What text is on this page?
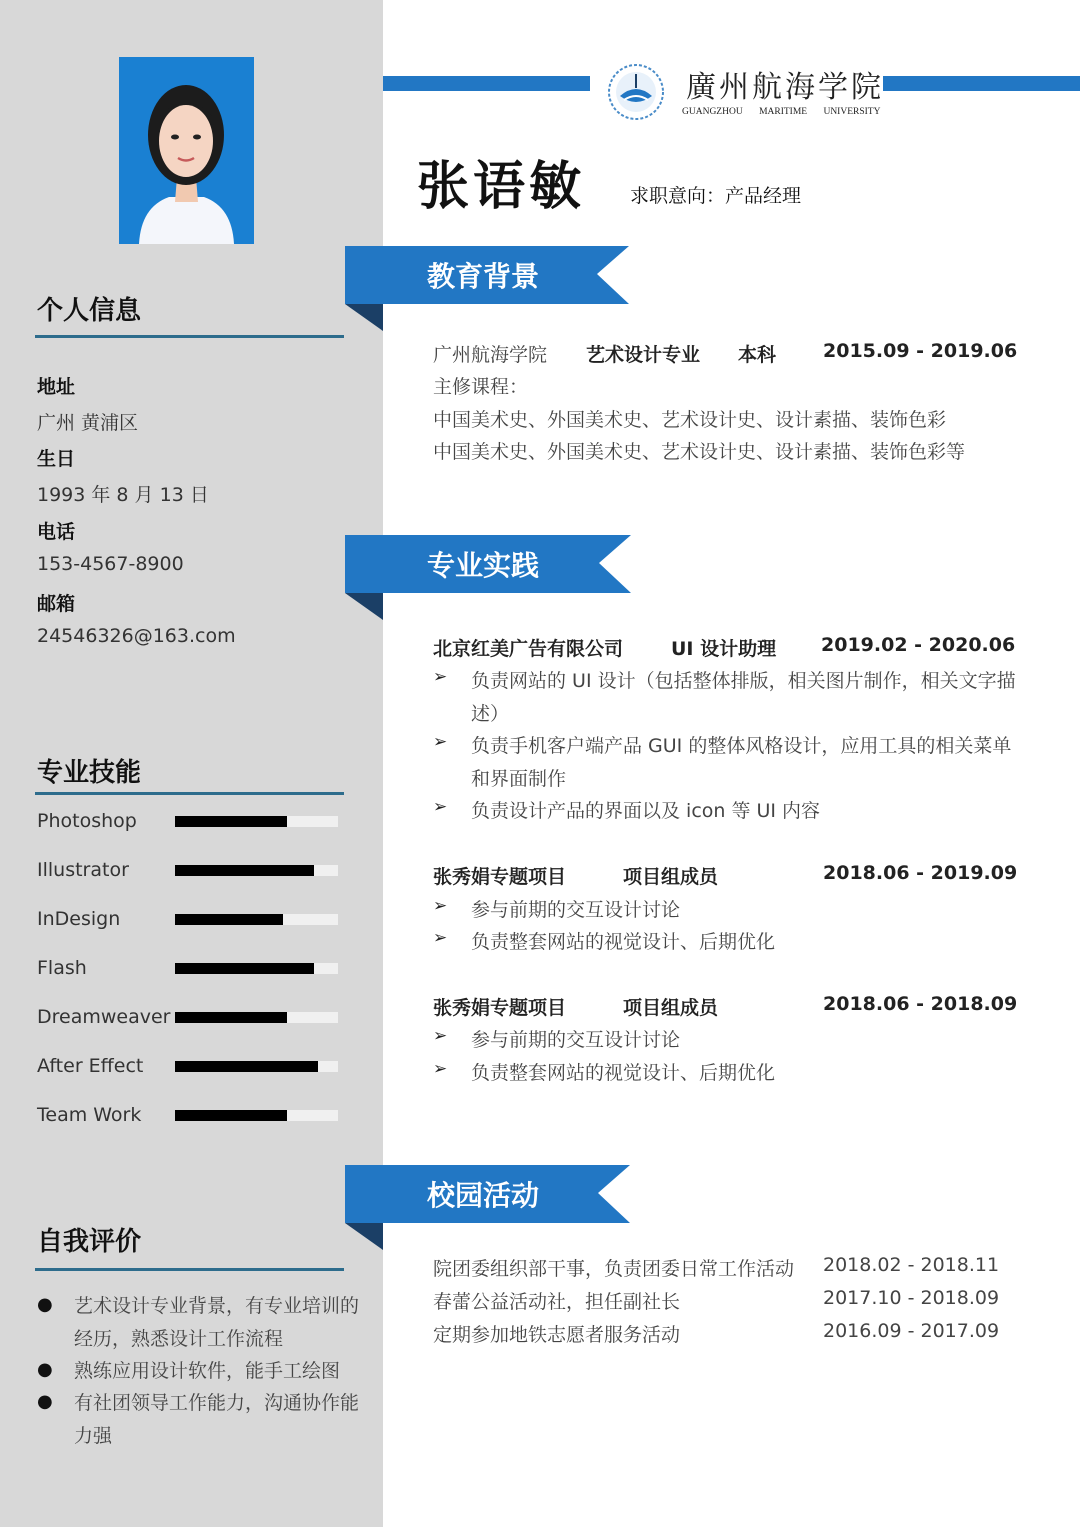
个人信息
地址
广州 黄浦区
生日
1993 年 8 月 13 日
电话
153-4567-8900
邮箱
24546326@163.com
专业技能
Photoshop
Illustrator
InDesign
Flash
Dreamweaver
After Effect
Team Work
自我评价
● 艺术设计专业背景，有专业培训的经历，熟悉设计工作流程
● 熟练应用设计软件，能手工绘图
● 有社团领导工作能力，沟通协作能力强
廣州航海学院
GUANGZHOU MARITIME UNIVERSITY
张语敏 求职意向：产品经理
教育背景
广州航海学院 艺术设计专业 本科 2015.09 - 2019.06
主修课程：
中国美术史、外国美术史、艺术设计史、设计素描、装饰色彩
中国美术史、外国美术史、艺术设计史、设计素描、装饰色彩等
专业实践
北京红美广告有限公司	UI 设计助理 2019.02 - 2020.06
➢ 负责网站的 UI 设计（包括整体排版，相关图片制作，相关文字描
述）
➢ 负责手机客户端产品 GUI 的整体风格设计，应用工具的相关菜单
和界面制作
➢ 负责设计产品的界面以及 icon 等 UI 内容
张秀娟专题项目	项目组成员	2018.06 - 2019.09
➢ 参与前期的交互设计讨论
➢ 负责整套网站的视觉设计、后期优化
张秀娟专题项目	项目组成员	2018.06 - 2018.09
➢ 参与前期的交互设计讨论
➢ 负责整套网站的视觉设计、后期优化
校园活动
院团委组织部干事，负责团委日常工作活动 2018.02 - 2018.11
春蕾公益活动社，担任副社长	2017.10 - 2018.09
定期参加地铁志愿者服务活动	2016.09 - 2017.09
